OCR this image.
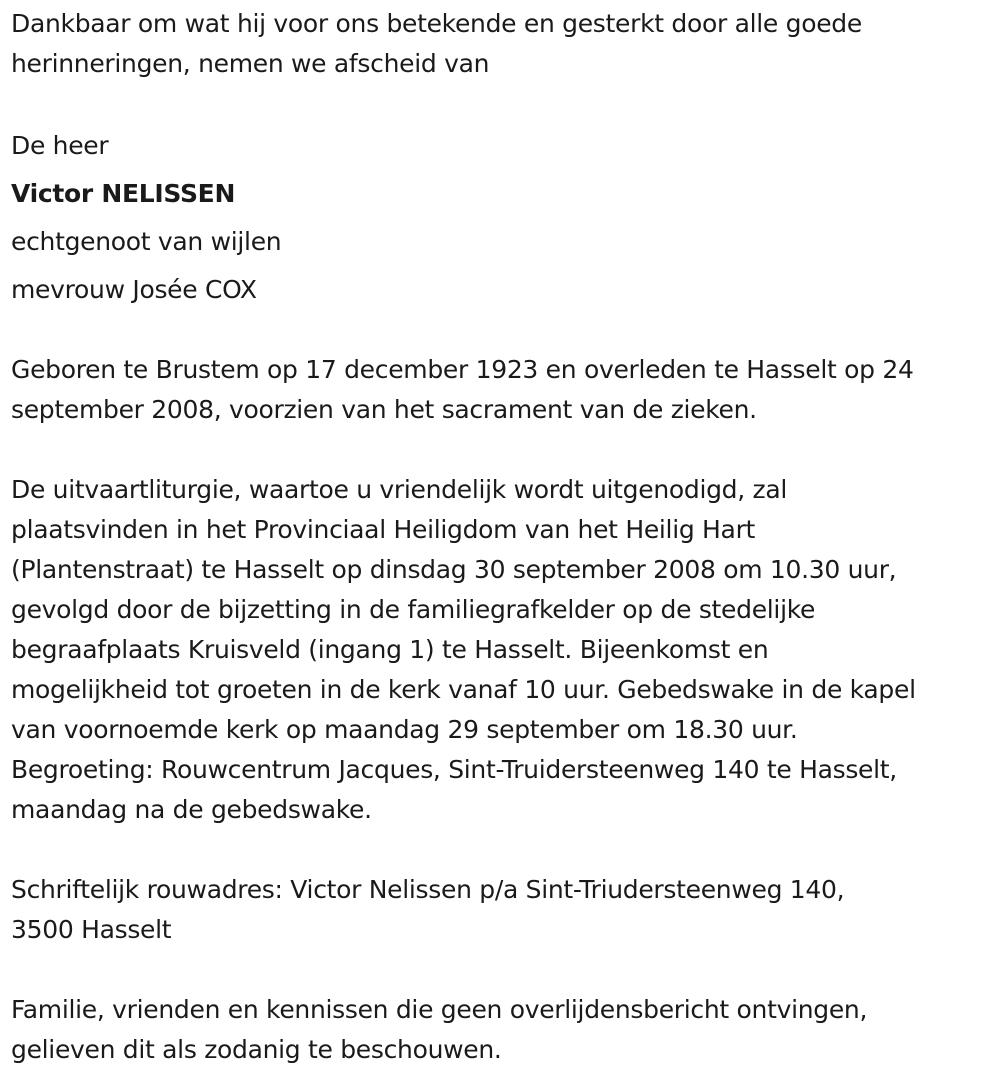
Dankbaar om wat hij voor ons betekende en gesterkt door alle goede
herinneringen, nemen we afscheid van

De heer
Victor NELISSEN
echtgenoot van wijlen
mevrouw Josée COX

Geboren te Brustem op 17 december 1923 en overleden te Hasselt op 24
september 2008, voorzien van het sacrament van de zieken.

De uitvaartliturgie, waartoe u vriendelijk wordt uitgenodigd, zal
plaatsvinden in het Provinciaal Heiligdom van het Heilig Hart
(Plantenstraat) te Hasselt op dinsdag 30 september 2008 om 10.30 uur,
gevolgd door de bijzetting in de familiegrafkelder op de stedelijke
begraafplaats Kruisveld (ingang 1) te Hasselt. Bijeenkomst en
mogelijkheid tot groeten in de kerk vanaf 10 uur. Gebedswake in de kapel
van voornoemde kerk op maandag 29 september om 18.30 uur.
Begroeting: Rouwcentrum Jacques, Sint-Truidersteenweg 140 te Hasselt,
maandag na de gebedswake.

Schriftelijk rouwadres: Victor Nelissen p/a Sint-Triudersteenweg 140,
3500 Hasselt

Familie, vrienden en kennissen die geen overlijdensbericht ontvingen,
gelieven dit als zodanig te beschouwen.
